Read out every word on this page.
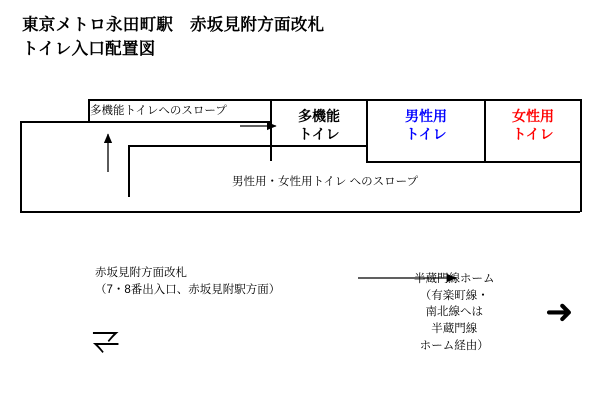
東京メトロ永田町駅　赤坂見附方面改札
トイレ入口配置図
多機能
トイレ
男性用
トイレ
女性用
トイレ
多機能トイレへのスロープ
男性用・女性用トイレ へのスロープ
赤坂見附方面改札
（7・8番出入口、赤坂見附駅方面）
⥩
半蔵門線ホーム
（有楽町線・
南北線へは
半蔵門線
ホーム経由）
➜
